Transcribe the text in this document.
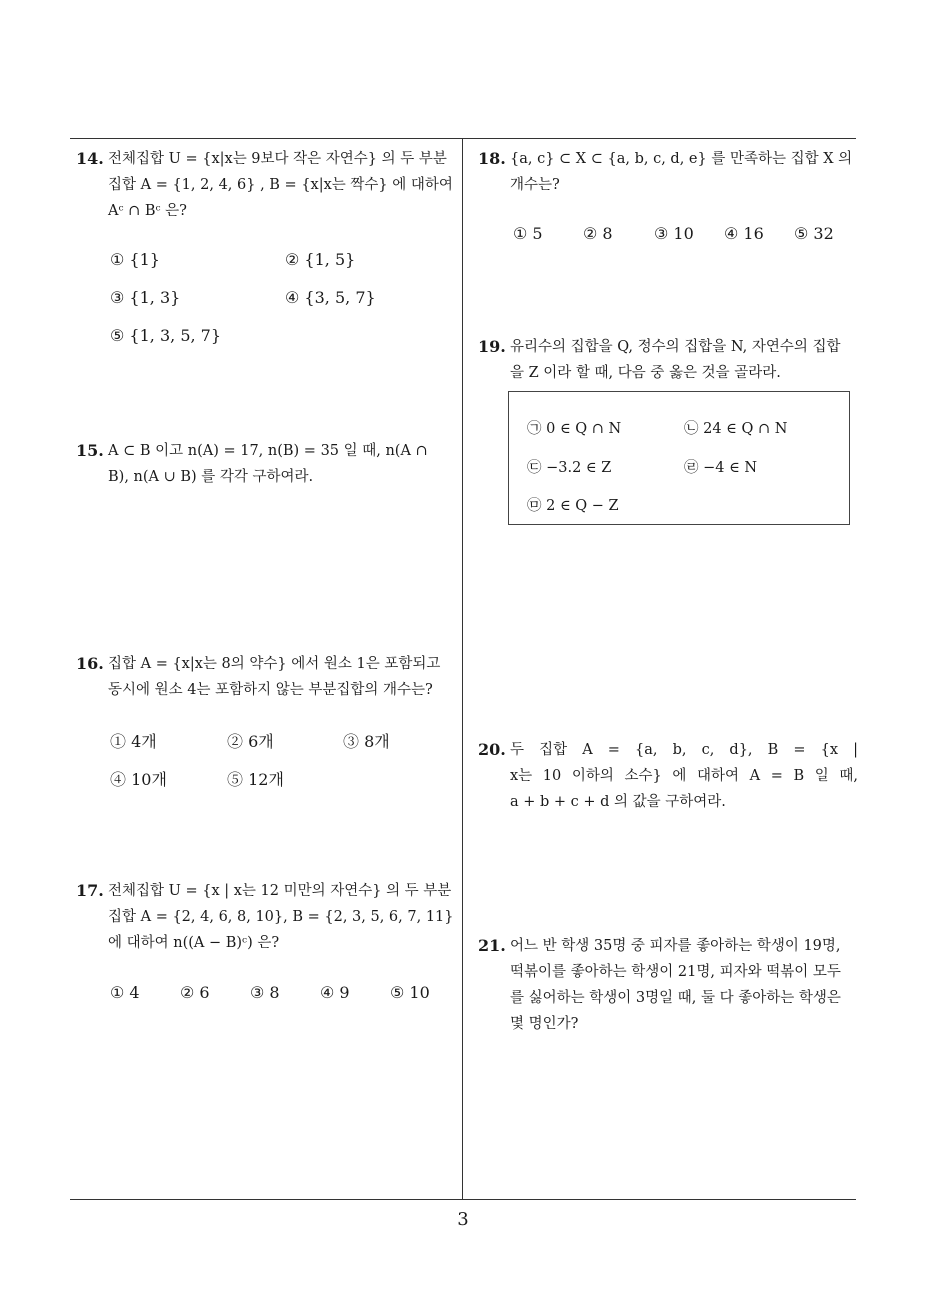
14. 전체집합 U = {x|x는 9보다 작은 자연수} 의 두 부분
집합 A = {1, 2, 4, 6} , B = {x|x는 짝수} 에 대하여
Aᶜ ∩ Bᶜ 은?
① {1}	② {1, 5}
③ {1, 3}	④ {3, 5, 7}
⑤ {1, 3, 5, 7}
15. A ⊂ B 이고 n(A) = 17, n(B) = 35 일 때, n(A ∩
B), n(A ∪ B) 를 각각 구하여라.
16. 집합 A = {x|x는 8의 약수} 에서 원소 1은 포함되고
동시에 원소 4는 포함하지 않는 부분집합의 개수는?
① 4개	② 6개	③ 8개
④ 10개	⑤ 12개
17. 전체집합 U = {x | x는 12 미만의 자연수} 의 두 부분
집합 A = {2, 4, 6, 8, 10}, B = {2, 3, 5, 6, 7, 11}
에 대하여 n((A − B)ᶜ) 은?
① 4	② 6	③ 8	④ 9	⑤ 10
18. {a, c} ⊂ X ⊂ {a, b, c, d, e} 를 만족하는 집합 X 의
개수는?
① 5	② 8	③ 10 ④ 16 ⑤ 32
19. 유리수의 집합을 Q, 정수의 집합을 N, 자연수의 집합
을 Z 이라 할 때, 다음 중 옳은 것을 골라라.
㉠ 0 ∈ Q ∩ N	㉡ 24 ∈ Q ∩ N
㉢ −3.2 ∈ Z	㉣ −4 ∈ N
㉤ 2 ∈ Q − Z
20. 두 집합 A = {a, b, c, d}, B = {x |
x는 10 이하의 소수} 에 대하여 A = B 일 때,
a + b + c + d 의 값을 구하여라.
21. 어느 반 학생 35명 중 피자를 좋아하는 학생이 19명,
떡볶이를 좋아하는 학생이 21명, 피자와 떡볶이 모두
를 싫어하는 학생이 3명일 때, 둘 다 좋아하는 학생은
몇 명인가?
3
